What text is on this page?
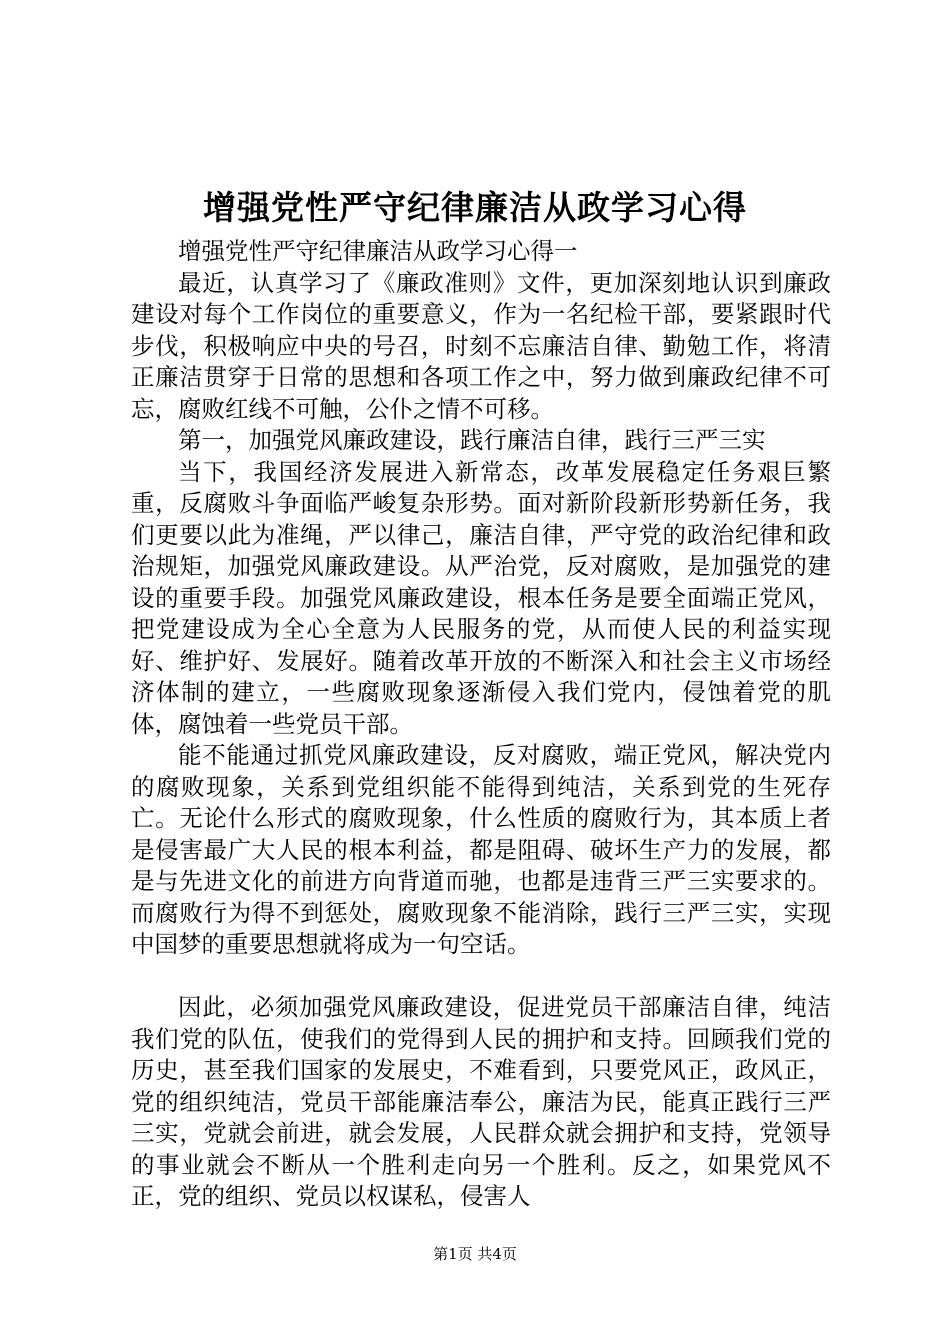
增强党性严守纪律廉洁从政学习心得

增强党性严守纪律廉洁从政学习心得一

最近，认真学习了《廉政准则》文件，更加深刻地认识到廉政建设对每个工作岗位的重要意义，作为一名纪检干部，要紧跟时代步伐，积极响应中央的号召，时刻不忘廉洁自律、勤勉工作，将清正廉洁贯穿于日常的思想和各项工作之中，努力做到廉政纪律不可忘，腐败红线不可触，公仆之情不可移。

第一，加强党风廉政建设，践行廉洁自律，践行三严三实

当下，我国经济发展进入新常态，改革发展稳定任务艰巨繁重，反腐败斗争面临严峻复杂形势。面对新阶段新形势新任务，我们更要以此为准绳，严以律己，廉洁自律，严守党的政治纪律和政治规矩，加强党风廉政建设。从严治党，反对腐败，是加强党的建设的重要手段。加强党风廉政建设，根本任务是要全面端正党风，把党建设成为全心全意为人民服务的党，从而使人民的利益实现好、维护好、发展好。随着改革开放的不断深入和社会主义市场经济体制的建立，一些腐败现象逐渐侵入我们党内，侵蚀着党的肌体，腐蚀着一些党员干部。

能不能通过抓党风廉政建设，反对腐败，端正党风，解决党内的腐败现象，关系到党组织能不能得到纯洁，关系到党的生死存亡。无论什么形式的腐败现象，什么性质的腐败行为，其本质上者是侵害最广大人民的根本利益，都是阻碍、破坏生产力的发展，都是与先进文化的前进方向背道而驰，也都是违背三严三实要求的。而腐败行为得不到惩处，腐败现象不能消除，践行三严三实，实现中国梦的重要思想就将成为一句空话。

因此，必须加强党风廉政建设，促进党员干部廉洁自律，纯洁我们党的队伍，使我们的党得到人民的拥护和支持。回顾我们党的历史，甚至我们国家的发展史，不难看到，只要党风正，政风正，党的组织纯洁，党员干部能廉洁奉公，廉洁为民，能真正践行三严三实，党就会前进，就会发展，人民群众就会拥护和支持，党领导的事业就会不断从一个胜利走向另一个胜利。反之，如果党风不正，党的组织、党员以权谋私，侵害人

第1页 共4页
